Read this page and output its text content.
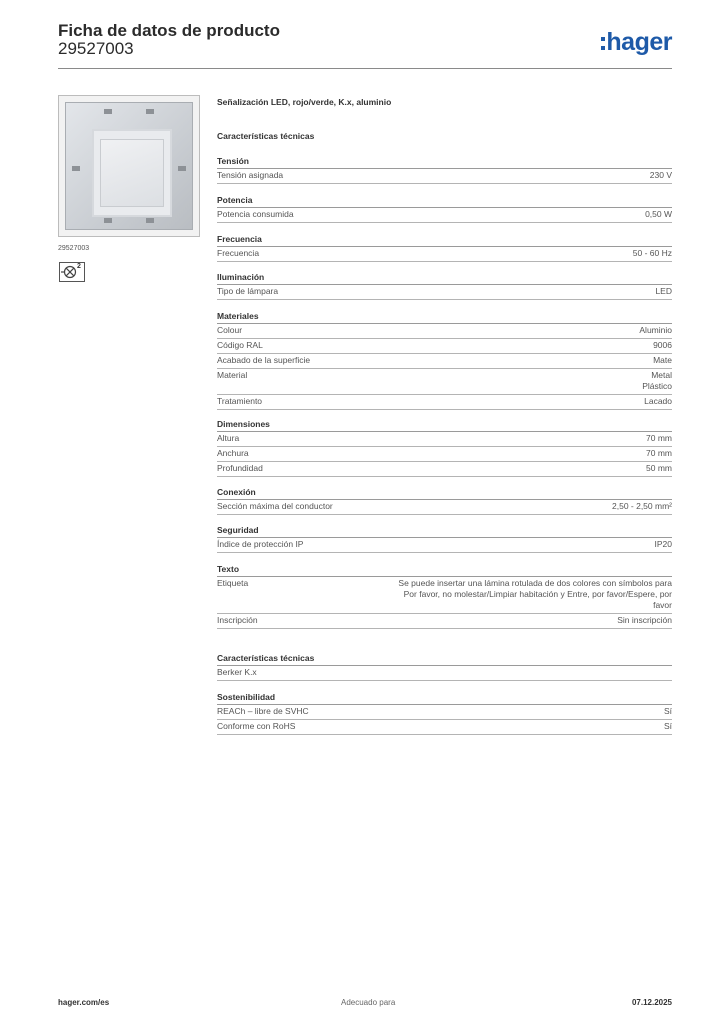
Ficha de datos de producto
29527003	hager
29527003
2
Señalización LED, rojo/verde, K.x, aluminio
Características técnicas
Tensión
Tensión asignada	230 V
Potencia
Potencia consumida	0,50 W
Frecuencia
Frecuencia	50 - 60 Hz
Iluminación
Tipo de lámpara	LED
Materiales
Colour	Aluminio
Código RAL	9006
Acabado de la superficie	Mate
Material	Metal
Plástico
Tratamiento	Lacado
Dimensiones
Altura	70 mm
Anchura	70 mm
Profundidad	50 mm
Conexión
Sección máxima del conductor	2,50 - 2,50 mm²
Seguridad
Índice de protección IP	IP20
Texto
Etiqueta	Se puede insertar una lámina rotulada de dos colores con símbolos para
Por favor, no molestar/Limpiar habitación y Entre, por favor/Espere, por
favor
Inscripción	Sin inscripción
Características técnicas
Berker K.x
Sostenibilidad
REACh – libre de SVHC	Sí
Conforme con RoHS	Sí
hager.com/es	Adecuado para	07.12.2025
